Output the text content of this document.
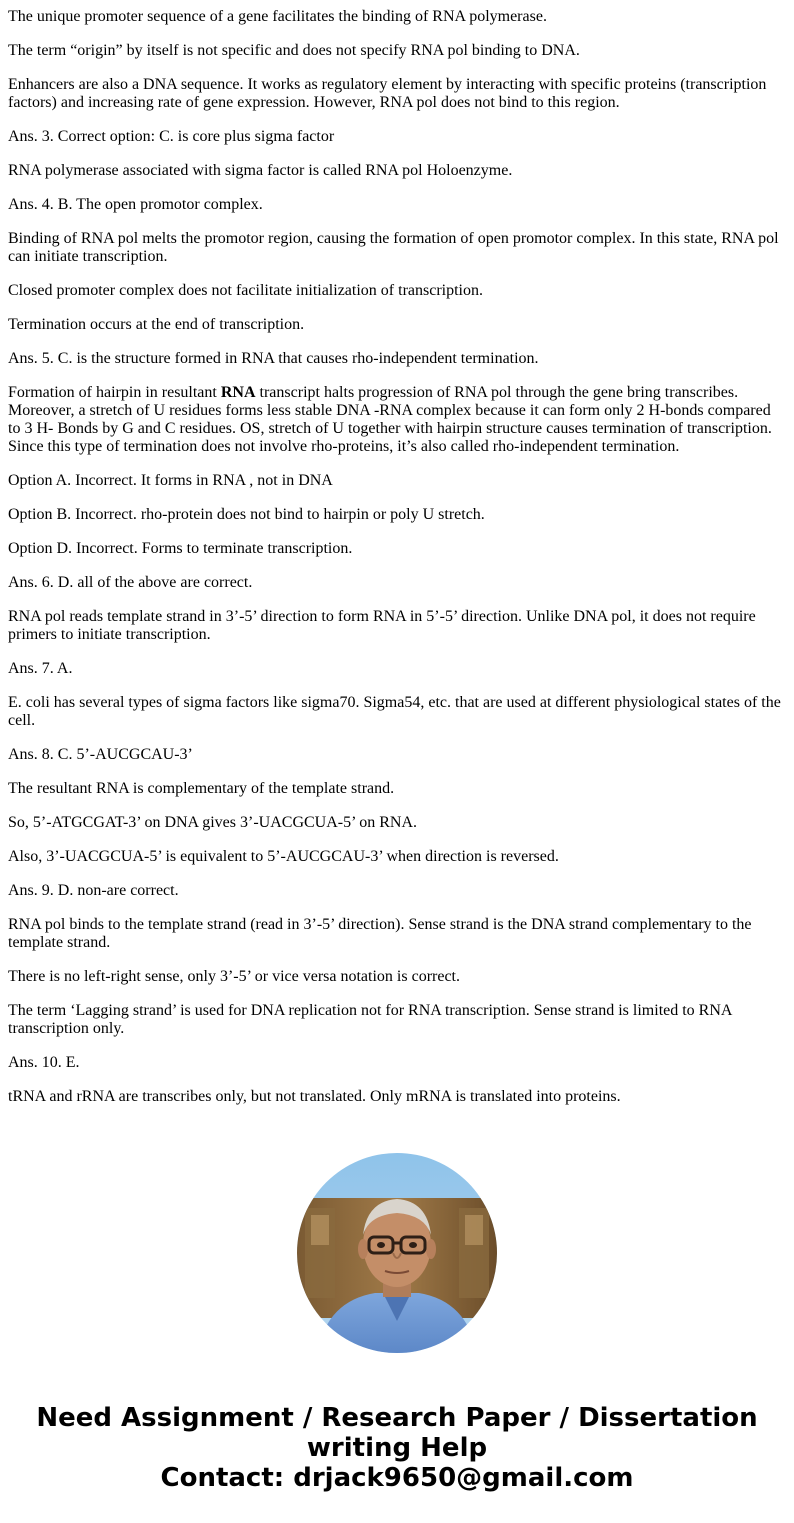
The unique promoter sequence of a gene facilitates the binding of RNA polymerase.

The term “origin” by itself is not specific and does not specify RNA pol binding to DNA.

Enhancers are also a DNA sequence. It works as regulatory element by interacting with specific proteins (transcription factors) and increasing rate of gene expression. However, RNA pol does not bind to this region.

Ans. 3. Correct option: C. is core plus sigma factor

RNA polymerase associated with sigma factor is called RNA pol Holoenzyme.

Ans. 4. B. The open promotor complex.

Binding of RNA pol melts the promotor region, causing the formation of open promotor complex. In this state, RNA pol can initiate transcription.

Closed promoter complex does not facilitate initialization of transcription.

Termination occurs at the end of transcription.

Ans. 5. C. is the structure formed in RNA that causes rho-independent termination.

Formation of hairpin in resultant RNA transcript halts progression of RNA pol through the gene bring transcribes. Moreover, a stretch of U residues forms less stable DNA -RNA complex because it can form only 2 H-bonds compared to 3 H- Bonds by G and C residues. OS, stretch of U together with hairpin structure causes termination of transcription. Since this type of termination does not involve rho-proteins, it’s also called rho-independent termination.

Option A. Incorrect. It forms in RNA , not in DNA

Option B. Incorrect. rho-protein does not bind to hairpin or poly U stretch.

Option D. Incorrect. Forms to terminate transcription.

Ans. 6. D. all of the above are correct.

RNA pol reads template strand in 3’-5’ direction to form RNA in 5’-5’ direction. Unlike DNA pol, it does not require primers to initiate transcription.

Ans. 7. A.

E. coli has several types of sigma factors like sigma70. Sigma54, etc. that are used at different physiological states of the cell.

Ans. 8. C. 5’-AUCGCAU-3’

The resultant RNA is complementary of the template strand.

So, 5’-ATGCGAT-3’ on DNA gives 3’-UACGCUA-5’ on RNA.

Also, 3’-UACGCUA-5’ is equivalent to 5’-AUCGCAU-3’ when direction is reversed.

Ans. 9. D. non-are correct.

RNA pol binds to the template strand (read in 3’-5’ direction). Sense strand is the DNA strand complementary to the template strand.

There is no left-right sense, only 3’-5’ or vice versa notation is correct.

The term ‘Lagging strand’ is used for DNA replication not for RNA transcription. Sense strand is limited to RNA transcription only.

Ans. 10. E.

tRNA and rRNA are transcribes only, but not translated. Only mRNA is translated into proteins.

Need Assignment / Research Paper / Dissertation
writing Help
Contact: drjack9650@gmail.com
